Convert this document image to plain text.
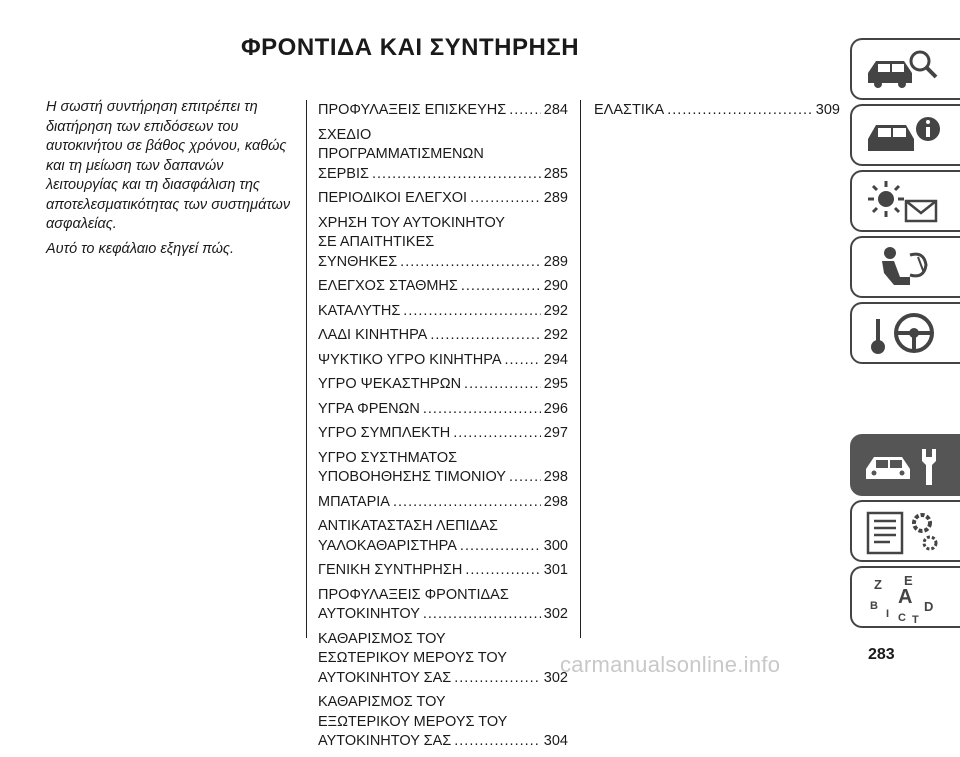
ΦΡΟΝΤΙΔΑ ΚΑΙ ΣΥΝΤΗΡΗΣΗ

Η σωστή συντήρηση επιτρέπει τη διατήρηση των επιδόσεων του αυτοκινήτου σε βάθος χρόνου, καθώς και τη μείωση των δαπανών λειτουργίας και τη διασφάλιση της αποτελεσματικότητας των συστημάτων ασφαλείας.

Αυτό το κεφάλαιο εξηγεί πώς.

ΠΡΟΦΥΛΑΞΕΙΣ ΕΠΙΣΚΕΥΗΣ .....	284
ΣΧΕΔΙΟ
ΠΡΟΓΡΑΜΜΑΤΙΣΜΕΝΩΝ
ΣΕΡΒΙΣ .....	285
ΠΕΡΙΟΔΙΚΟΙ ΕΛΕΓΧΟΙ .....	289
ΧΡΗΣΗ ΤΟΥ ΑΥΤΟΚΙΝΗΤΟΥ
ΣΕ ΑΠΑΙΤΗΤΙΚΕΣ
ΣΥΝΘΗΚΕΣ .....	289
ΕΛΕΓΧΟΣ ΣΤΑΘΜΗΣ .....	290
ΚΑΤΑΛΥΤΗΣ .....	292
ΛΑΔΙ ΚΙΝΗΤΗΡΑ .....	292
ΨΥΚΤΙΚΟ ΥΓΡΟ ΚΙΝΗΤΗΡΑ .....	294
ΥΓΡΟ ΨΕΚΑΣΤΗΡΩΝ .....	295
ΥΓΡΑ ΦΡΕΝΩΝ .....	296
ΥΓΡΟ ΣΥΜΠΛΕΚΤΗ .....	297
ΥΓΡΟ ΣΥΣΤΗΜΑΤΟΣ
ΥΠΟΒΟΗΘΗΣΗΣ ΤΙΜΟΝΙΟΥ .....	298
ΜΠΑΤΑΡΙΑ .....	298
ΑΝΤΙΚΑΤΑΣΤΑΣΗ ΛΕΠΙΔΑΣ
ΥΑΛΟΚΑΘΑΡΙΣΤΗΡΑ .....	300
ΓΕΝΙΚΗ ΣΥΝΤΗΡΗΣΗ .....	301
ΠΡΟΦΥΛΑΞΕΙΣ ΦΡΟΝΤΙΔΑΣ
ΑΥΤΟΚΙΝΗΤΟΥ .....	302
ΚΑΘΑΡΙΣΜΟΣ ΤΟΥ
ΕΣΩΤΕΡΙΚΟΥ ΜΕΡΟΥΣ ΤΟΥ
ΑΥΤΟΚΙΝΗΤΟΥ ΣΑΣ .....	302
ΚΑΘΑΡΙΣΜΟΣ ΤΟΥ
ΕΞΩΤΕΡΙΚΟΥ ΜΕΡΟΥΣ ΤΟΥ
ΑΥΤΟΚΙΝΗΤΟΥ ΣΑΣ .....	304
ΕΛΑΣΤΙΚΑ .....	309
Z E
B A D
I C T
283
carmanualsonline.info
